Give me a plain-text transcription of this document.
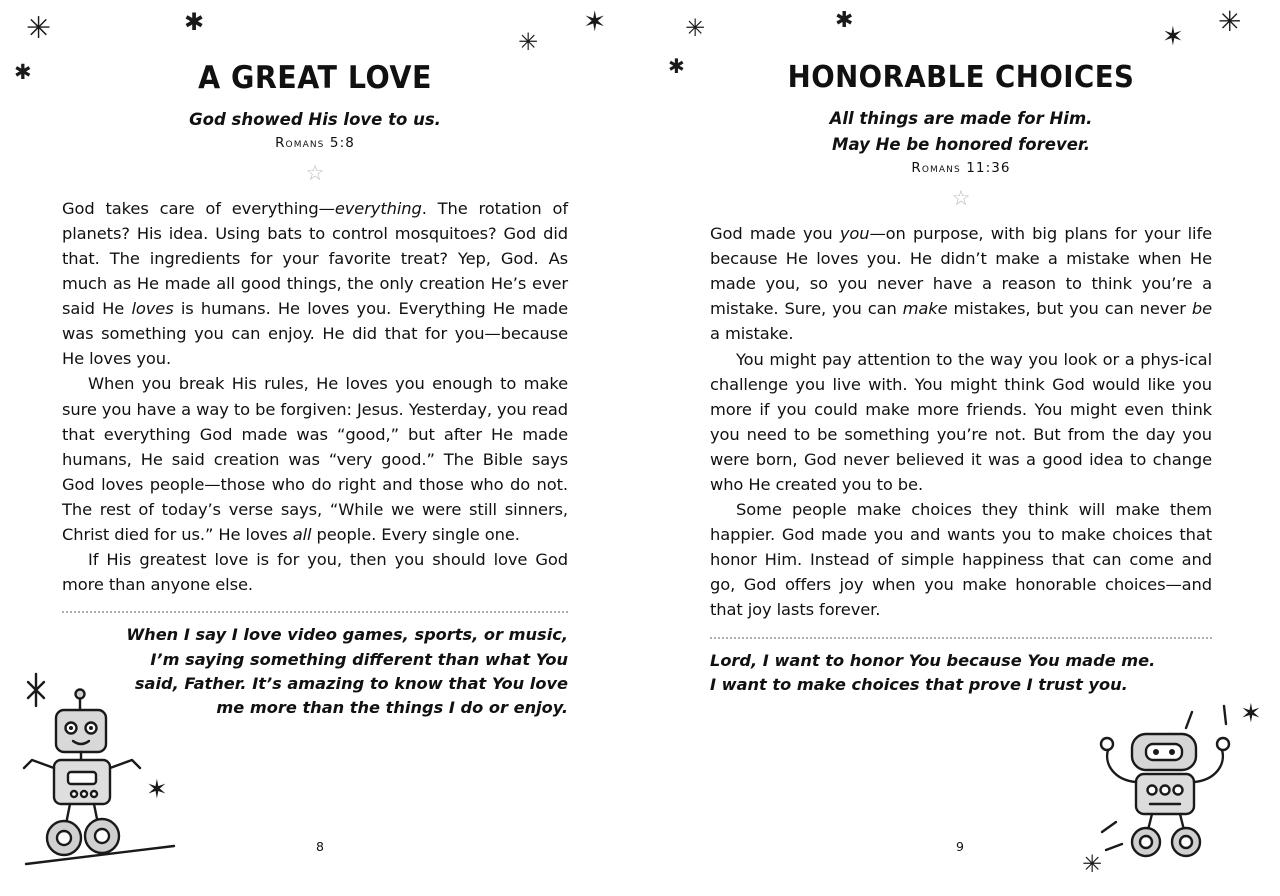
✳
✱
✱
✳
✶
A GREAT LOVE
God showed His love to us.
Romans 5:8
☆

God takes care of everything—everything. The rotation of planets? His idea. Using bats to control mosquitoes? God did that. The ingredients for your favorite treat? Yep, God. As much as He made all good things, the only creation He’s ever said He loves is humans. He loves you. Everything He made was something you can enjoy. He did that for you—because He loves you.

When you break His rules, He loves you enough to make sure you have a way to be forgiven: Jesus. Yesterday, you read that everything God made was “good,” but after He made humans, He said creation was “very good.” The Bible says God loves people—those who do right and those who do not. The rest of today’s verse says, “While we were still sinners, Christ died for us.” He loves all people. Every single one.

If His greatest love is for you, then you should love God more than anyone else.

When I say I love video games, sports, or music, I’m saying something different than what You said, Father. It’s amazing to know that You love me more than the things I do or enjoy.
✶
8
✳
✱
✱
✶ ✳
HONORABLE CHOICES
All things are made for Him.
May He be honored forever.
Romans 11:36
☆

God made you you—on purpose, with big plans for your life because He loves you. He didn’t make a mistake when He made you, so you never have a reason to think you’re a mistake. Sure, you can make mistakes, but you can never be a mistake.

You might pay attention to the way you look or a phys-ical challenge you live with. You might think God would like you more if you could make more friends. You might even think you need to be something you’re not. But from the day you were born, God never believed it was a good idea to change who He created you to be.

Some people make choices they think will make them happier. God made you and wants you to make choices that honor Him. Instead of simple happiness that can come and go, God offers joy when you make honorable choices—and that joy lasts forever.

Lord, I want to honor You because You made me.
I want to make choices that prove I trust you.
✳
✶
9
